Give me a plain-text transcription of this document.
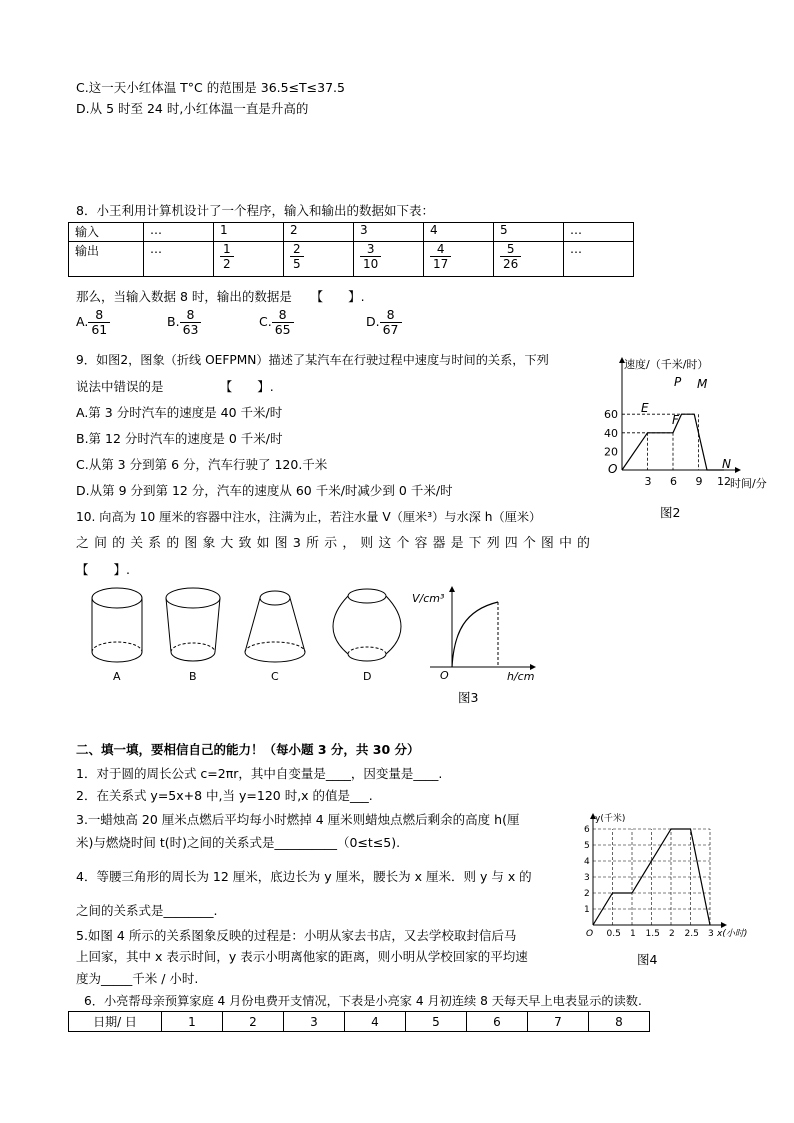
C.这一天小红体温 T°C 的范围是 36.5≤T≤37.5
D.从 5 时至 24 时,小红体温一直是升高的
8．小王利用计算机设计了一个程序，输入和输出的数据如下表：
输入	…	1	2	3	4	5	…
输出	…	$\frac{1}{2}$	$\frac{2}{5}$	$\frac{3}{10}$	$\frac{4}{17}$	$\frac{5}{26}$	…
那么，当输入数据 8 时，输出的数据是　　【　　】.
A. $\frac{8}{61}$	B. $\frac{8}{63}$	C. $\frac{8}{65}$	D. $\frac{8}{67}$
9．如图2，图象（折线 OEFPMN）描述了某汽车在行驶过程中速度与时间的关系，下列
说法中错误的是　　　　　【　　】.
A.第 3 分时汽车的速度是 40 千米/时
B.第 12 分时汽车的速度是 0 千米/时
C.从第 3 分到第 6 分，汽车行驶了 120.千米
D.从第 9 分到第 12 分，汽车的速度从 60 千米/时减少到 0 千米/时
速度/（千米/时）
时间/分
O
20
40
60
3 6 9 12
E
F
P M
N
图2
10. 向高为 10 厘米的容器中注水，注满为止，若注水量 V（厘米³）与水深 h（厘米）
之 间 的 关 系 的 图 象 大 致 如 图 3 所 示 ， 则 这 个 容 器 是 下 列 四 个 图 中 的
【　　】.
A	B	C	D
V/cm³
h/cm
O
图3
二、填一填，要相信自己的能力！（每小题 3 分，共 30 分）
1．对于圆的周长公式 c=2πr，其中自变量是____，因变量是____.
2．在关系式 y=5x+8 中,当 y=120 时,x 的值是___.
3.一蜡烛高 20 厘米点燃后平均每小时燃掉 4 厘米则蜡烛点燃后剩余的高度 h(厘
米)与燃烧时间 t(时)之间的关系式是__________（0≤t≤5).
4．等腰三角形的周长为 12 厘米，底边长为 y 厘米，腰长为 x 厘米．则 y 与 x 的
之间的关系式是________.
5.如图 4 所示的关系图象反映的过程是：小明从家去书店，又去学校取封信后马
上回家，其中 x 表示时间，y 表示小明离他家的距离，则小明从学校回家的平均速
度为_____千米 / 小时.
6．小亮帮母亲预算家庭 4 月份电费开支情况，下表是小亮家 4 月初连续 8 天每天早上电表显示的读数.
y(千米)
x(小时)
O
1
2
3
4
5
6
0.5 1 1.5 2 2.5 3
图4
日期/ 日	1	2	3	4	5	6	7	8
